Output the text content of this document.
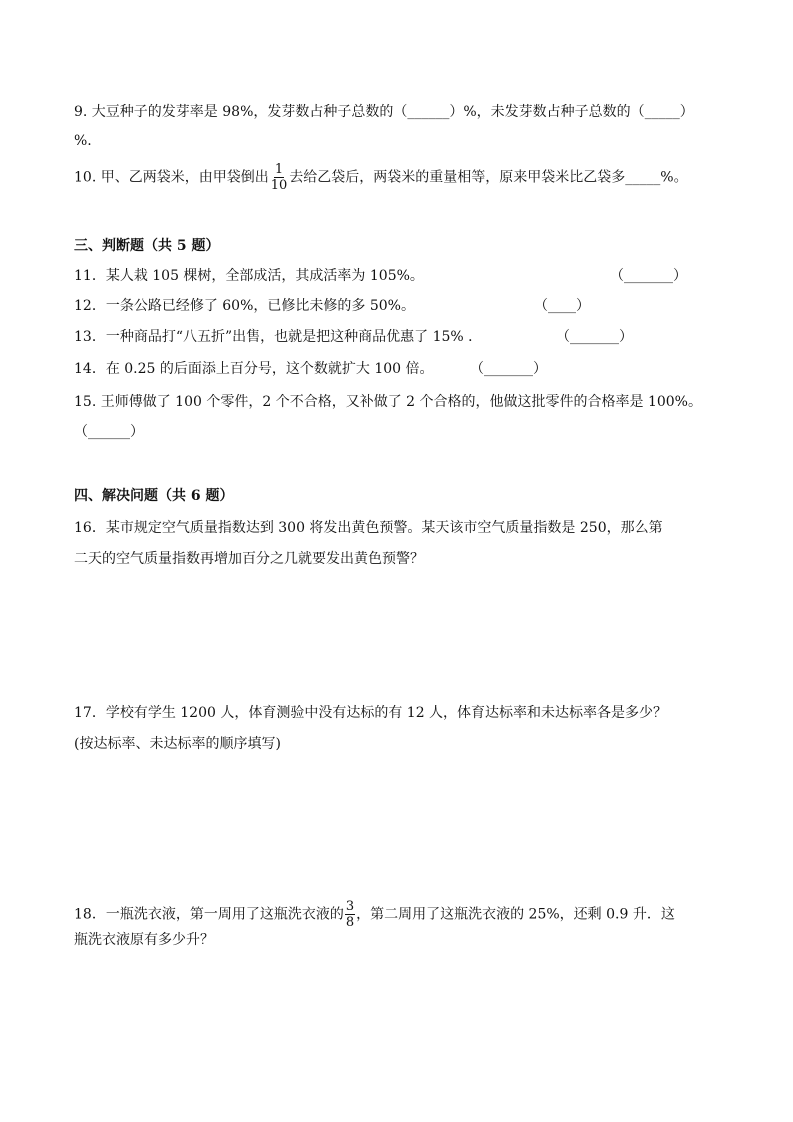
9. 大豆种子的发芽率是 98%，发芽数占种子总数的（______）%，未发芽数占种子总数的（_____）
%.
10. 甲、乙两袋米，由甲袋倒出 $\frac{1}{10}$ 去给乙袋后，两袋米的重量相等，原来甲袋米比乙袋多_____%。
三、判断题（共 5 题）
11．某人栽 105 棵树，全部成活，其成活率为 105%。	（_______）
12．一条公路已经修了 60%，已修比未修的多 50%。	（____）
13．一种商品打“八五折”出售，也就是把这种商品优惠了 15% ．	（_______）
14．在 0.25 的后面添上百分号，这个数就扩大 100 倍。	（_______）
15. 王师傅做了 100 个零件，2 个不合格，又补做了 2 个合格的，他做这批零件的合格率是 100%。
（______）
四、解决问题（共 6 题）
16．某市规定空气质量指数达到 300 将发出黄色预警。某天该市空气质量指数是 250，那么第
二天的空气质量指数再增加百分之几就要发出黄色预警？
17．学校有学生 1200 人，体育测验中没有达标的有 12 人，体育达标率和未达标率各是多少？
(按达标率、未达标率的顺序填写)
18．一瓶洗衣液，第一周用了这瓶洗衣液的 $\frac{3}{8}$ ，第二周用了这瓶洗衣液的 25%，还剩 0.9 升．这
瓶洗衣液原有多少升？
